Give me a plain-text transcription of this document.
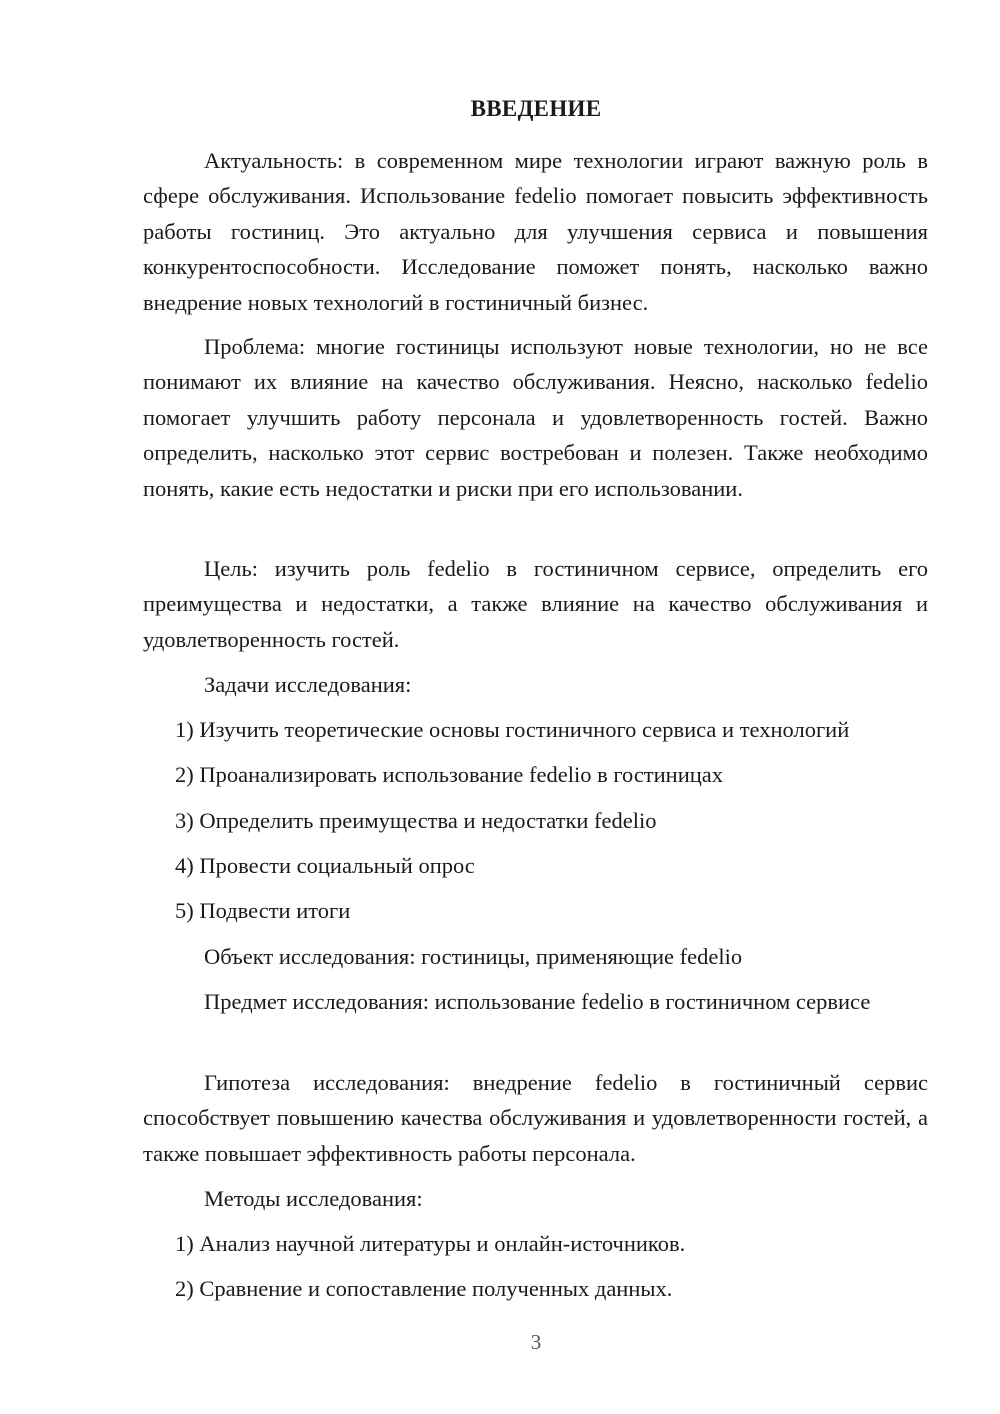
ВВЕДЕНИЕ

Актуальность: в современном мире технологии играют важную роль в сфере обслуживания. Использование fedelio помогает повысить эффективность работы гостиниц. Это актуально для улучшения сервиса и повышения конкурентоспособности. Исследование поможет понять, насколько важно внедрение новых технологий в гостиничный бизнес.

Проблема: многие гостиницы используют новые технологии, но не все понимают их влияние на качество обслуживания. Неясно, насколько fedelio помогает улучшить работу персонала и удовлетворенность гостей. Важно определить, насколько этот сервис востребован и полезен. Также необходимо понять, какие есть недостатки и риски при его использовании.

Цель: изучить роль fedelio в гостиничном сервисе, определить его преимущества и недостатки, а также влияние на качество обслуживания и удовлетворенность гостей.

Задачи исследования:

1) Изучить теоретические основы гостиничного сервиса и технологий

2) Проанализировать использование fedelio в гостиницах

3) Определить преимущества и недостатки fedelio

4) Провести социальный опрос

5) Подвести итоги

Объект исследования: гостиницы, применяющие fedelio

Предмет исследования: использование fedelio в гостиничном сервисе

Гипотеза исследования: внедрение fedelio в гостиничный сервис способствует повышению качества обслуживания и удовлетворенности гостей, а также повышает эффективность работы персонала.

Методы исследования:

1) Анализ научной литературы и онлайн-источников.

2) Сравнение и сопоставление полученных данных.

3
